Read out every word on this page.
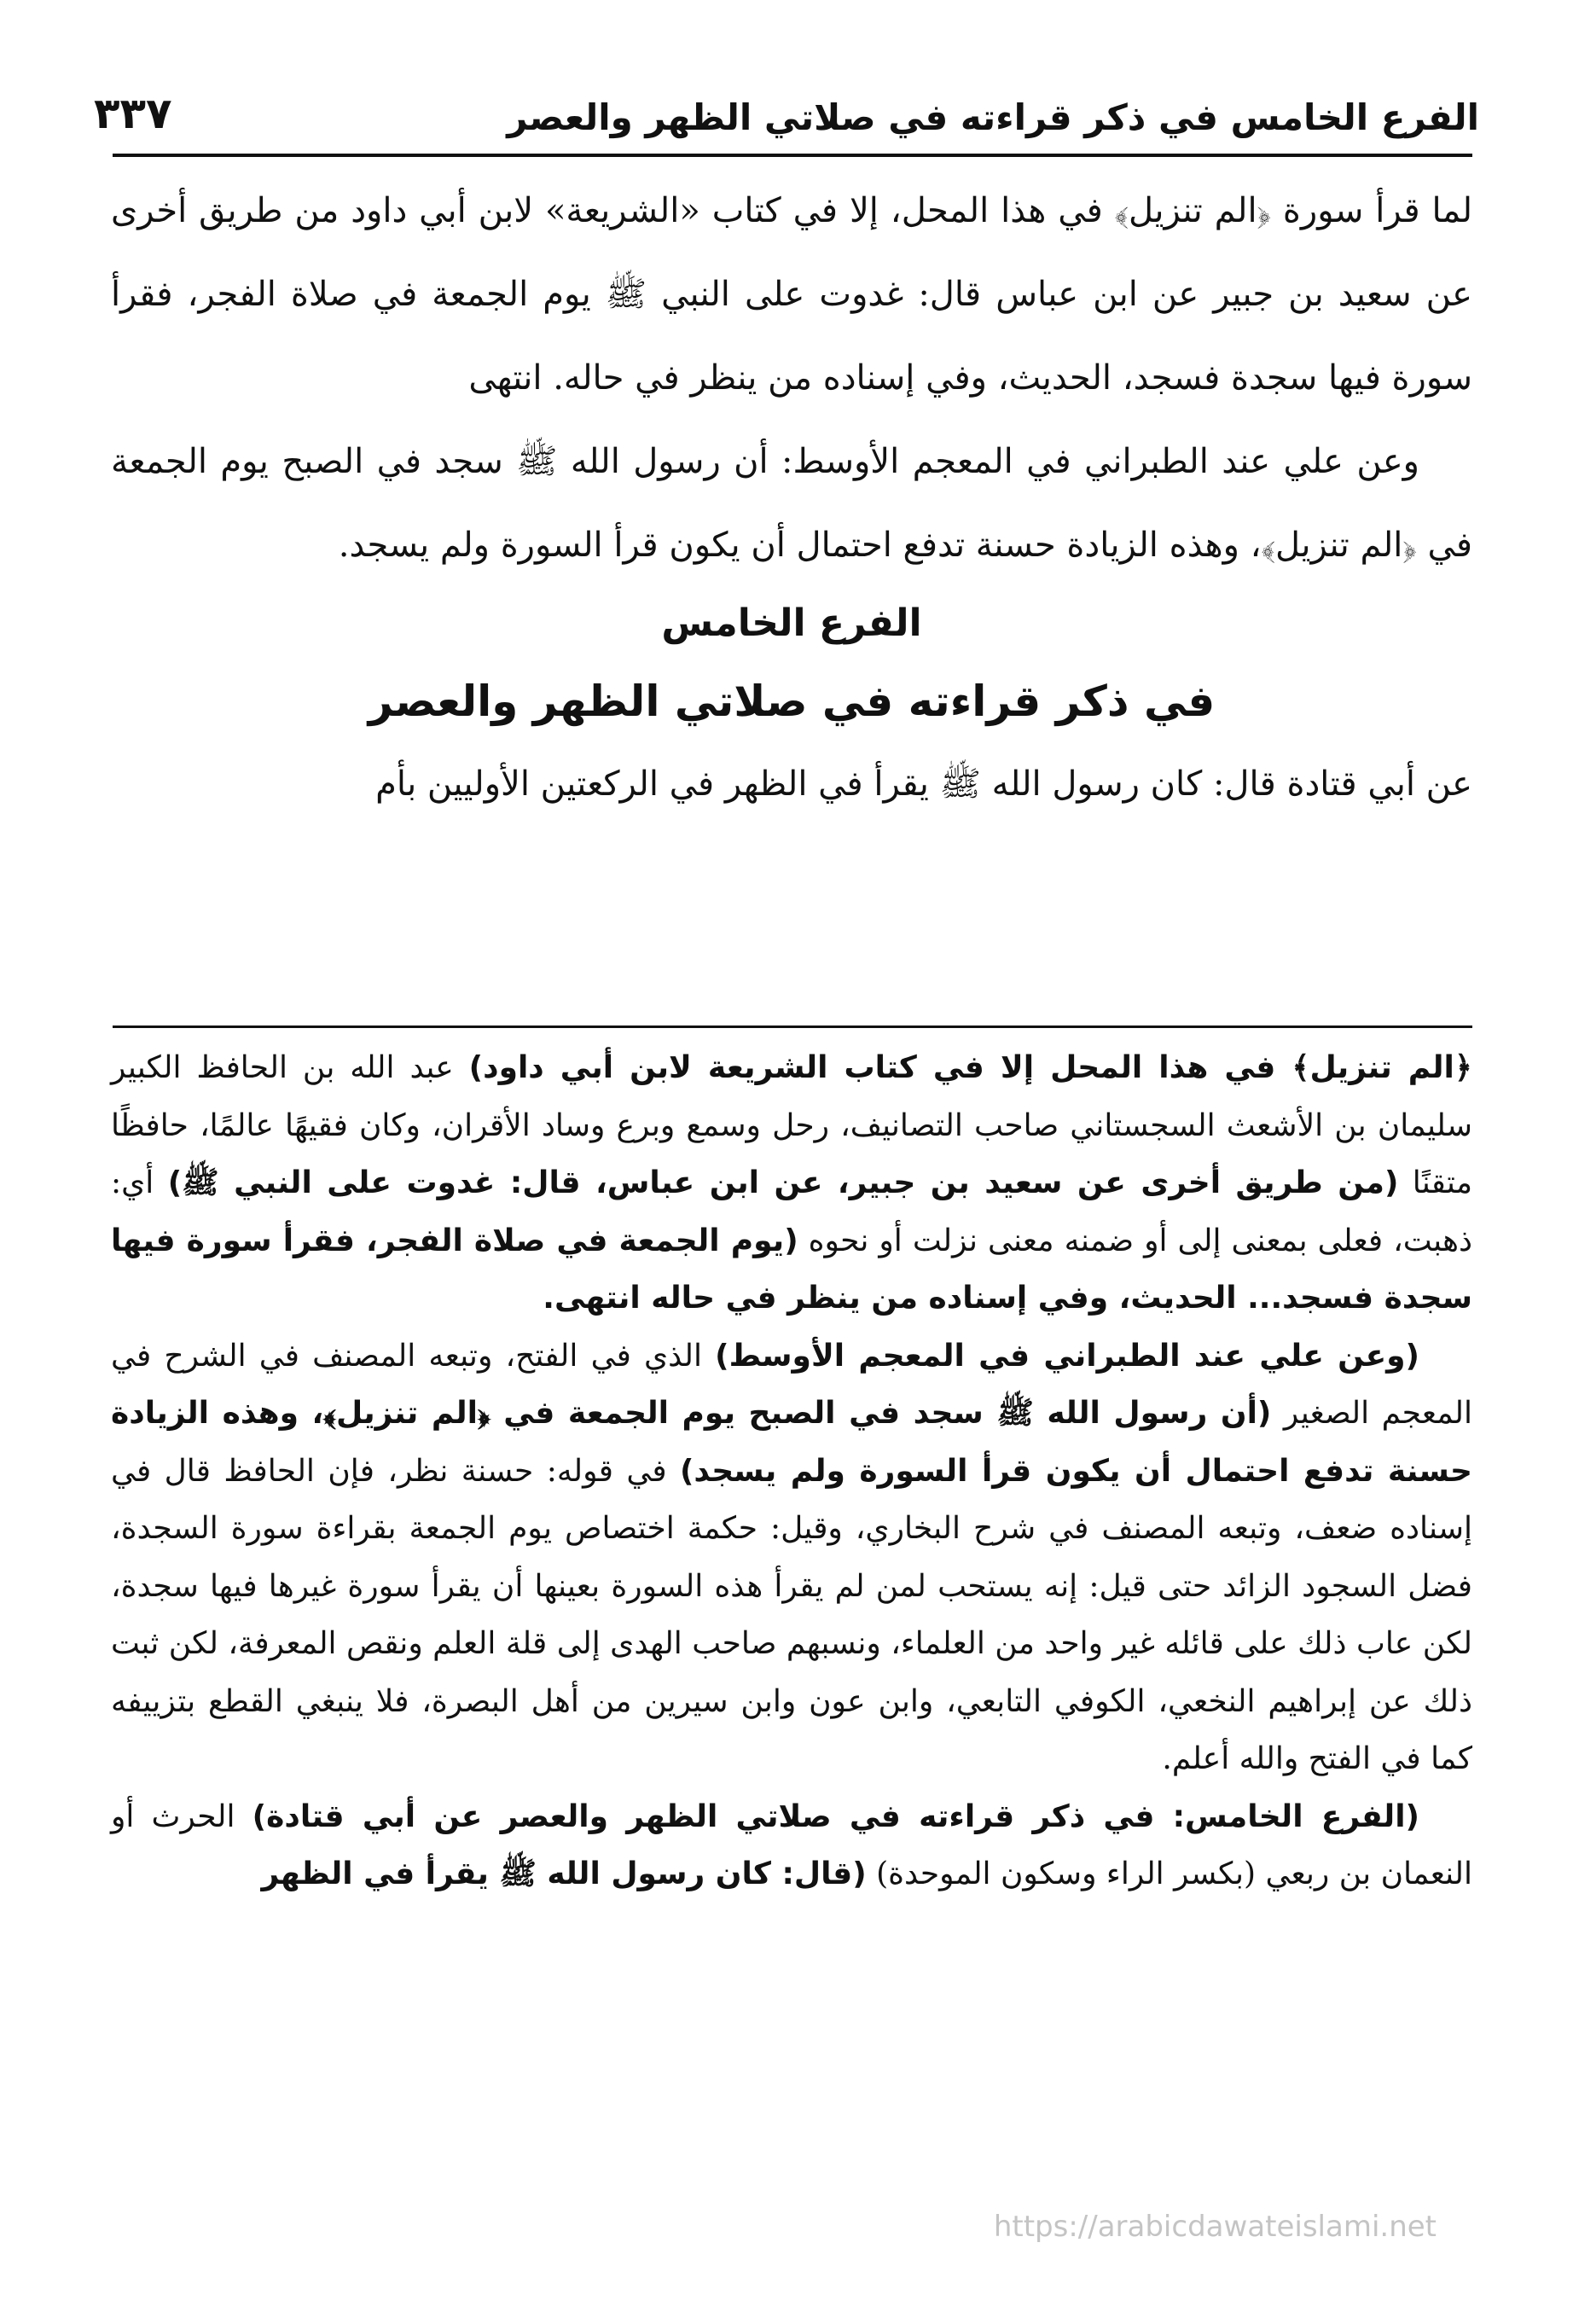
الفرع الخامس في ذكر قراءته في صلاتي الظهر والعصر
٣٣٧

لما قرأ سورة ﴿الم تنزيل﴾ في هذا المحل، إلا في كتاب «الشريعة» لابن أبي داود من طريق أخرى عن سعيد بن جبير عن ابن عباس قال: غدوت على النبي ﷺ يوم الجمعة في صلاة الفجر، فقرأ سورة فيها سجدة فسجد، الحديث، وفي إسناده من ينظر في حاله. انتهى

وعن علي عند الطبراني في المعجم الأوسط: أن رسول الله ﷺ سجد في الصبح يوم الجمعة في ﴿الم تنزيل﴾، وهذه الزيادة حسنة تدفع احتمال أن يكون قرأ السورة ولم يسجد.

الفرع الخامس
في ذكر قراءته في صلاتي الظهر والعصر

عن أبي قتادة قال: كان رسول الله ﷺ يقرأ في الظهر في الركعتين الأوليين بأم

﴿الم تنزيل﴾ في هذا المحل إلا في كتاب الشريعة لابن أبي داود) عبد الله بن الحافظ الكبير سليمان بن الأشعث السجستاني صاحب التصانيف، رحل وسمع وبرع وساد الأقران، وكان فقيهًا عالمًا، حافظًا متقنًا (من طريق أخرى عن سعيد بن جبير، عن ابن عباس، قال: غدوت على النبي ﷺ) أي: ذهبت، فعلى بمعنى إلى أو ضمنه معنى نزلت أو نحوه (يوم الجمعة في صلاة الفجر، فقرأ سورة فيها سجدة فسجد... الحديث، وفي إسناده من ينظر في حاله انتهى.

(وعن علي عند الطبراني في المعجم الأوسط) الذي في الفتح، وتبعه المصنف في الشرح في المعجم الصغير (أن رسول الله ﷺ سجد في الصبح يوم الجمعة في ﴿الم تنزيل﴾، وهذه الزيادة حسنة تدفع احتمال أن يكون قرأ السورة ولم يسجد) في قوله: حسنة نظر، فإن الحافظ قال في إسناده ضعف، وتبعه المصنف في شرح البخاري، وقيل: حكمة اختصاص يوم الجمعة بقراءة سورة السجدة، فضل السجود الزائد حتى قيل: إنه يستحب لمن لم يقرأ هذه السورة بعينها أن يقرأ سورة غيرها فيها سجدة، لكن عاب ذلك على قائله غير واحد من العلماء، ونسبهم صاحب الهدى إلى قلة العلم ونقص المعرفة، لكن ثبت ذلك عن إبراهيم النخعي، الكوفي التابعي، وابن عون وابن سيرين من أهل البصرة، فلا ينبغي القطع بتزييفه كما في الفتح والله أعلم.

(الفرع الخامس: في ذكر قراءته في صلاتي الظهر والعصر عن أبي قتادة) الحرث أو النعمان بن ربعي (بكسر الراء وسكون الموحدة) (قال: كان رسول الله ﷺ يقرأ في الظهر

https://arabicdawateislami.net
